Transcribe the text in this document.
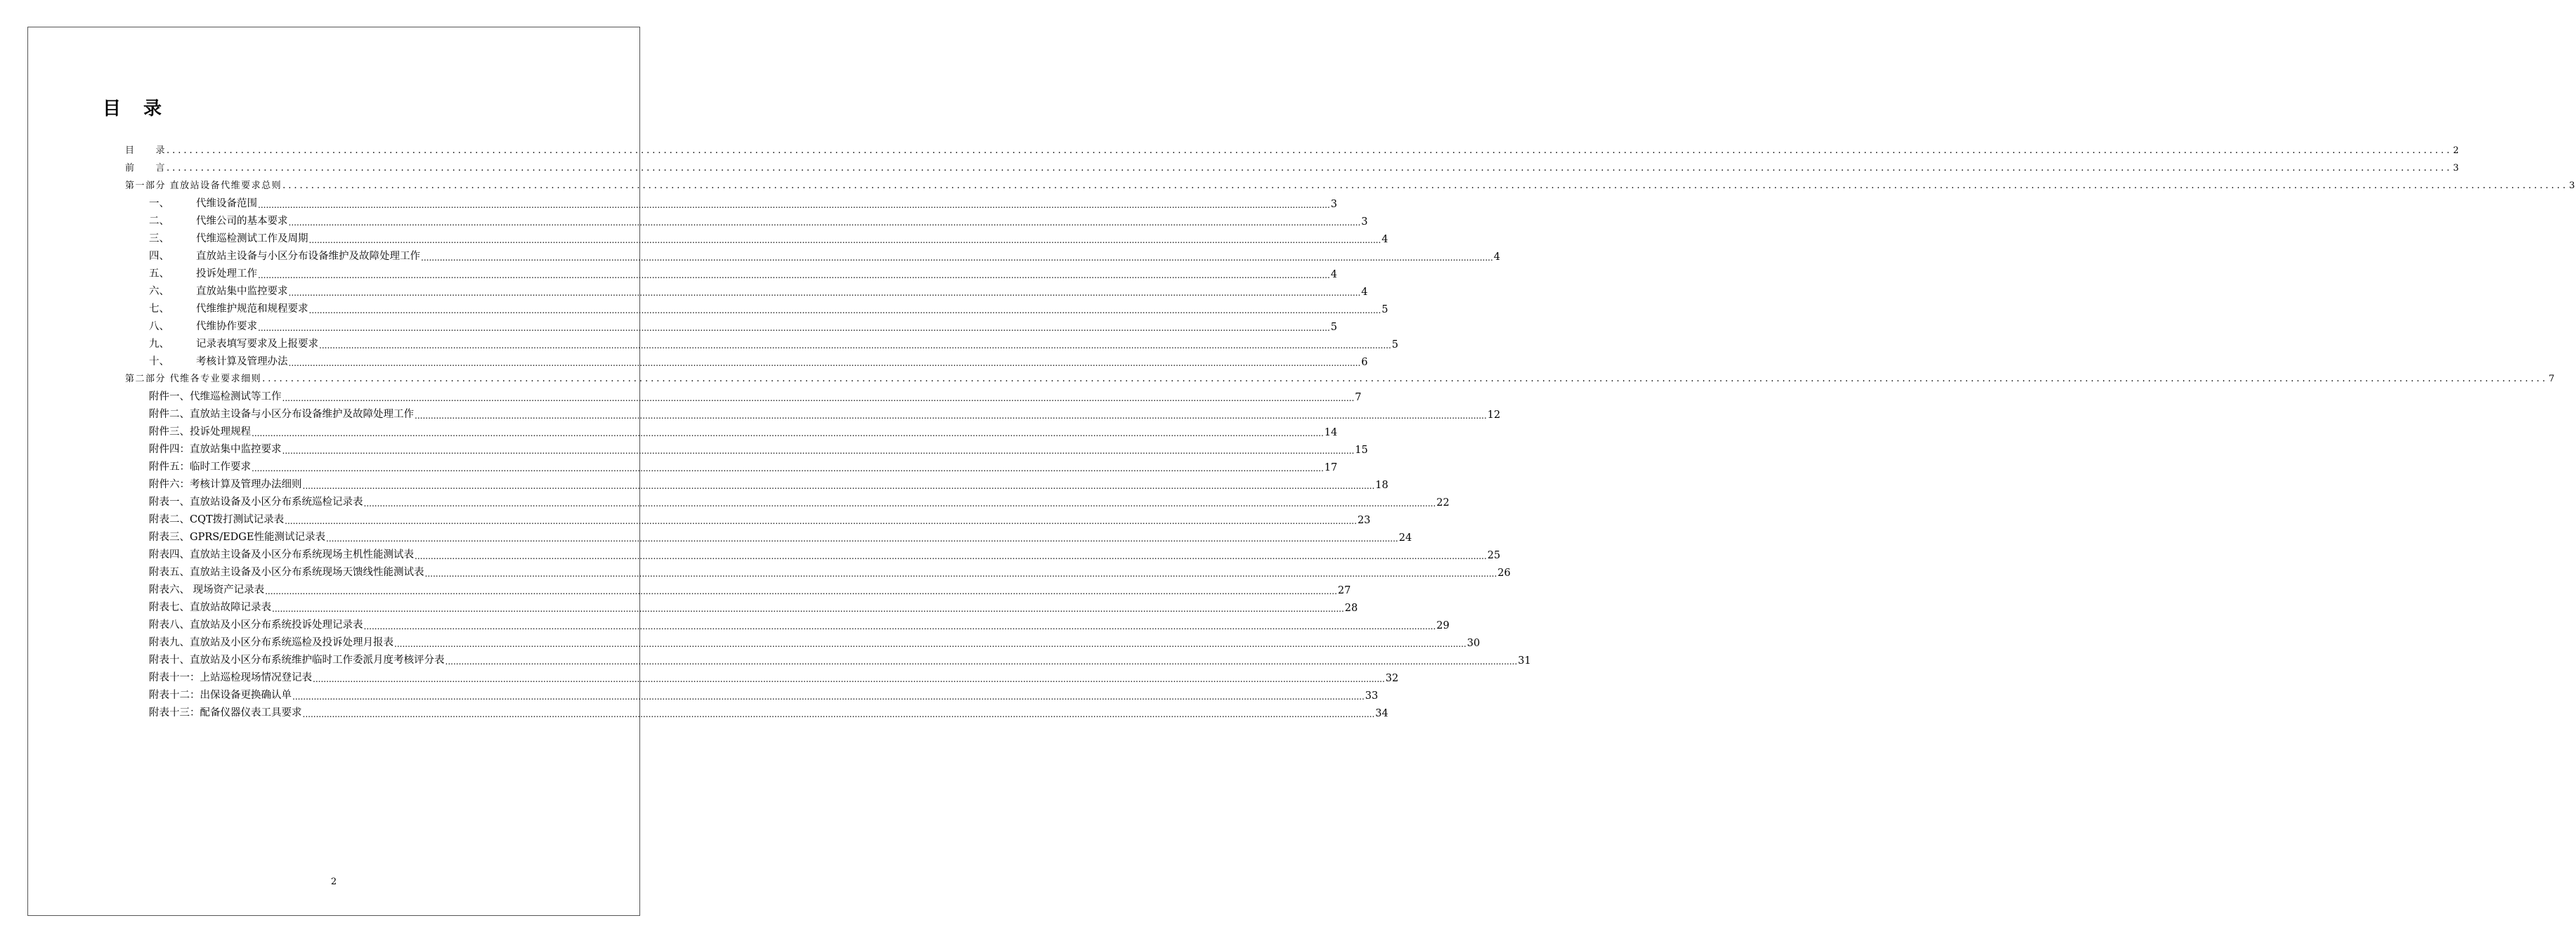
目 录
目　　录 ................................................................................................................................................................................................................................................................................................................................................................................................................ 2
前　　言 ................................................................................................................................................................................................................................................................................................................................................................................................................ 3
第一部分 直放站设备代维要求总则 ................................................................................................................................................................................................................................................................................................................................................................................................................ 3
一、	代维设备范围 ................................................................................................................................................................................................................................................................................................................................................................................................................ 3
二、	代维公司的基本要求 ................................................................................................................................................................................................................................................................................................................................................................................................................ 3
三、	代维巡检测试工作及周期 ................................................................................................................................................................................................................................................................................................................................................................................................................ 4
四、	直放站主设备与小区分布设备维护及故障处理工作 ................................................................................................................................................................................................................................................................................................................................................................................................................ 4
五、	投诉处理工作 ................................................................................................................................................................................................................................................................................................................................................................................................................ 4
六、	直放站集中监控要求 ................................................................................................................................................................................................................................................................................................................................................................................................................ 4
七、	代维维护规范和规程要求 ................................................................................................................................................................................................................................................................................................................................................................................................................ 5
八、	代维协作要求 ................................................................................................................................................................................................................................................................................................................................................................................................................ 5
九、	记录表填写要求及上报要求 ................................................................................................................................................................................................................................................................................................................................................................................................................ 5
十、	考核计算及管理办法 ................................................................................................................................................................................................................................................................................................................................................................................................................ 6
第二部分 代维各专业要求细则 ................................................................................................................................................................................................................................................................................................................................................................................................................ 7
附件一、代维巡检测试等工作 ................................................................................................................................................................................................................................................................................................................................................................................................................ 7
附件二、直放站主设备与小区分布设备维护及故障处理工作 ................................................................................................................................................................................................................................................................................................................................................................................................................ 12
附件三、投诉处理规程 ................................................................................................................................................................................................................................................................................................................................................................................................................ 14
附件四：直放站集中监控要求 ................................................................................................................................................................................................................................................................................................................................................................................................................ 15
附件五：临时工作要求 ................................................................................................................................................................................................................................................................................................................................................................................................................ 17
附件六：考核计算及管理办法细则 ................................................................................................................................................................................................................................................................................................................................................................................................................ 18
附表一、直放站设备及小区分布系统巡检记录表 ................................................................................................................................................................................................................................................................................................................................................................................................................ 22
附表二、CQT拨打测试记录表 ................................................................................................................................................................................................................................................................................................................................................................................................................ 23
附表三、GPRS/EDGE性能测试记录表 ................................................................................................................................................................................................................................................................................................................................................................................................................ 24
附表四、直放站主设备及小区分布系统现场主机性能测试表 ................................................................................................................................................................................................................................................................................................................................................................................................................ 25
附表五、直放站主设备及小区分布系统现场天馈线性能测试表 ................................................................................................................................................................................................................................................................................................................................................................................................................ 26
附表六、 现场资产记录表 ................................................................................................................................................................................................................................................................................................................................................................................................................ 27
附表七、直放站故障记录表 ................................................................................................................................................................................................................................................................................................................................................................................................................ 28
附表八、直放站及小区分布系统投诉处理记录表 ................................................................................................................................................................................................................................................................................................................................................................................................................ 29
附表九、直放站及小区分布系统巡检及投诉处理月报表 ................................................................................................................................................................................................................................................................................................................................................................................................................ 30
附表十、直放站及小区分布系统维护临时工作委派月度考核评分表 ................................................................................................................................................................................................................................................................................................................................................................................................................ 31
附表十一：上站巡检现场情况登记表 ................................................................................................................................................................................................................................................................................................................................................................................................................ 32
附表十二：出保设备更换确认单 ................................................................................................................................................................................................................................................................................................................................................................................................................ 33
附表十三：配备仪器仪表工具要求 ................................................................................................................................................................................................................................................................................................................................................................................................................ 34
2
